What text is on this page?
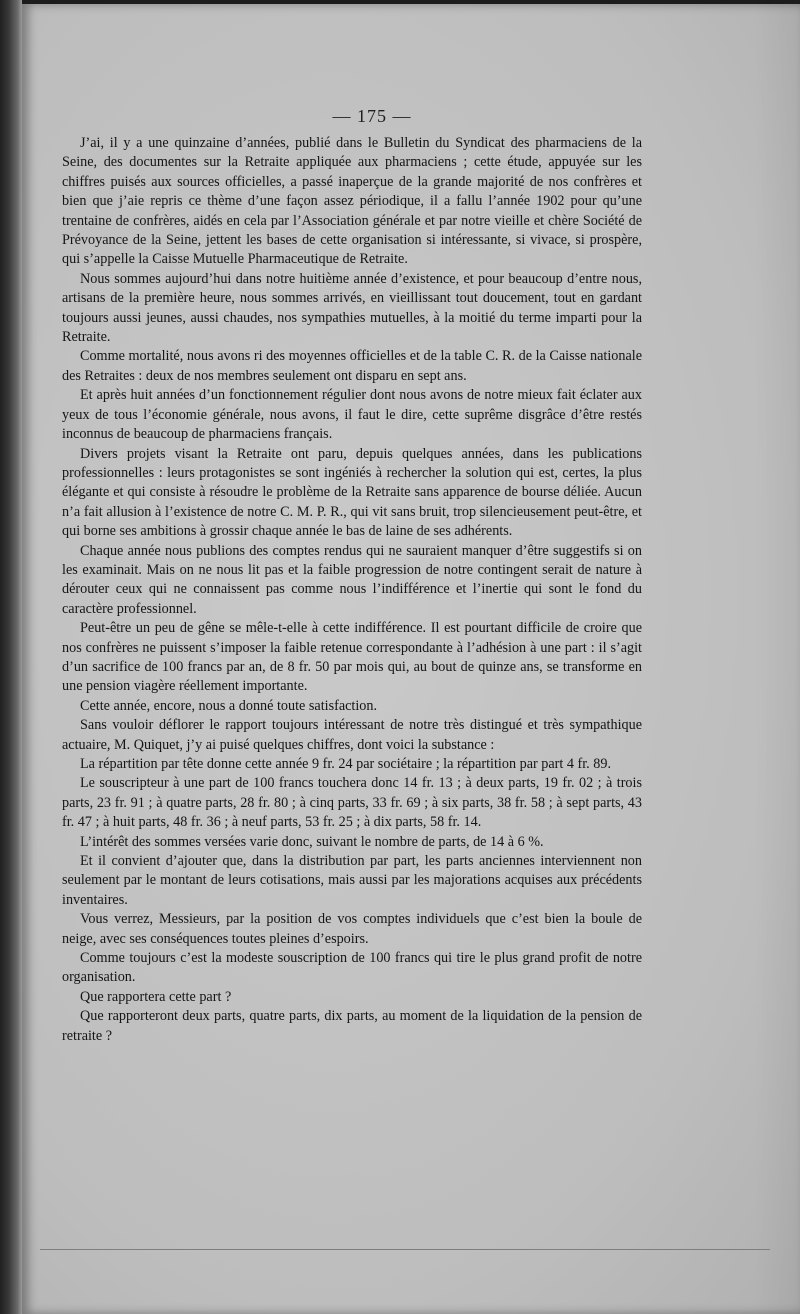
— 175 —

J’ai, il y a une quinzaine d’années, publié dans le Bulletin du Syndicat des pharmaciens de la Seine, des documentes sur la Retraite appliquée aux pharmaciens ; cette étude, appuyée sur les chiffres puisés aux sources officielles, a passé inaperçue de la grande majorité de nos confrères et bien que j’aie repris ce thème d’une façon assez périodique, il a fallu l’année 1902 pour qu’une trentaine de confrères, aidés en cela par l’Association générale et par notre vieille et chère Société de Prévoyance de la Seine, jettent les bases de cette organisation si intéressante, si vivace, si prospère, qui s’appelle la Caisse Mutuelle Pharmaceutique de Retraite.

Nous sommes aujourd’hui dans notre huitième année d’existence, et pour beaucoup d’entre nous, artisans de la première heure, nous sommes arrivés, en vieillissant tout doucement, tout en gardant toujours aussi jeunes, aussi chaudes, nos sympathies mutuelles, à la moitié du terme imparti pour la Retraite.

Comme mortalité, nous avons ri des moyennes officielles et de la table C. R. de la Caisse nationale des Retraites : deux de nos membres seulement ont disparu en sept ans.

Et après huit années d’un fonctionnement régulier dont nous avons de notre mieux fait éclater aux yeux de tous l’économie générale, nous avons, il faut le dire, cette suprême disgrâce d’être restés inconnus de beaucoup de pharmaciens français.

Divers projets visant la Retraite ont paru, depuis quelques années, dans les publications professionnelles : leurs protagonistes se sont ingéniés à rechercher la solution qui est, certes, la plus élégante et qui consiste à résoudre le problème de la Retraite sans apparence de bourse déliée. Aucun n’a fait allusion à l’existence de notre C. M. P. R., qui vit sans bruit, trop silencieusement peut-être, et qui borne ses ambitions à grossir chaque année le bas de laine de ses adhérents.

Chaque année nous publions des comptes rendus qui ne sauraient manquer d’être suggestifs si on les examinait. Mais on ne nous lit pas et la faible progression de notre contingent serait de nature à dérouter ceux qui ne connaissent pas comme nous l’indifférence et l’inertie qui sont le fond du caractère professionnel.

Peut-être un peu de gêne se mêle-t-elle à cette indifférence. Il est pourtant difficile de croire que nos confrères ne puissent s’imposer la faible retenue correspondante à l’adhésion à une part : il s’agit d’un sacrifice de 100 francs par an, de 8 fr. 50 par mois qui, au bout de quinze ans, se transforme en une pension viagère réellement importante.

Cette année, encore, nous a donné toute satisfaction.

Sans vouloir déflorer le rapport toujours intéressant de notre très distingué et très sympathique actuaire, M. Quiquet, j’y ai puisé quelques chiffres, dont voici la substance :

La répartition par tête donne cette année 9 fr. 24 par sociétaire ; la répartition par part 4 fr. 89.

Le souscripteur à une part de 100 francs touchera donc 14 fr. 13 ; à deux parts, 19 fr. 02 ; à trois parts, 23 fr. 91 ; à quatre parts, 28 fr. 80 ; à cinq parts, 33 fr. 69 ; à six parts, 38 fr. 58 ; à sept parts, 43 fr. 47 ; à huit parts, 48 fr. 36 ; à neuf parts, 53 fr. 25 ; à dix parts, 58 fr. 14.

L’intérêt des sommes versées varie donc, suivant le nombre de parts, de 14 à 6 %.

Et il convient d’ajouter que, dans la distribution par part, les parts anciennes interviennent non seulement par le montant de leurs cotisations, mais aussi par les majorations acquises aux précédents inventaires.

Vous verrez, Messieurs, par la position de vos comptes individuels que c’est bien la boule de neige, avec ses conséquences toutes pleines d’espoirs.

Comme toujours c’est la modeste souscription de 100 francs qui tire le plus grand profit de notre organisation.

Que rapportera cette part ?

Que rapporteront deux parts, quatre parts, dix parts, au moment de la liquidation de la pension de retraite ?
